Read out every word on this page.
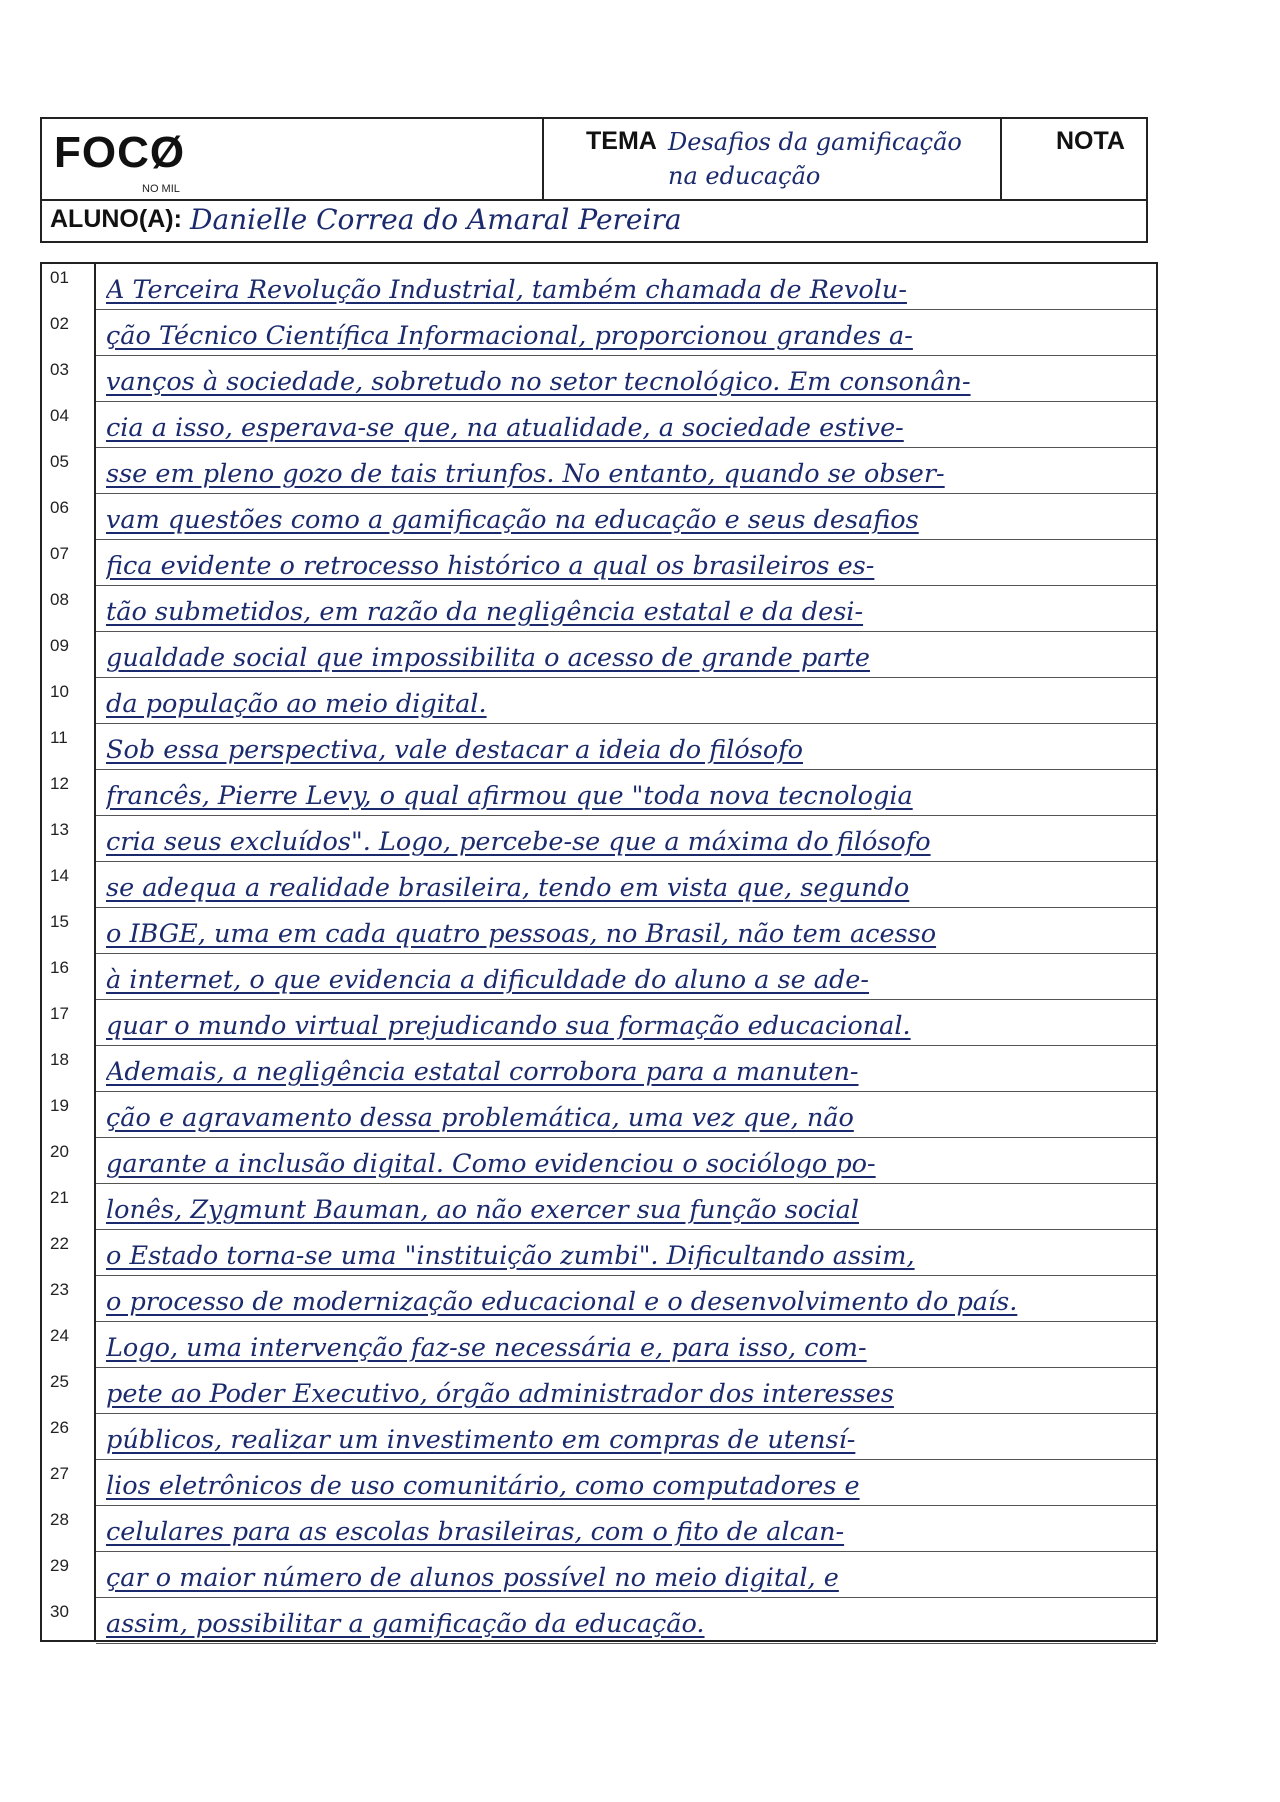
FOCØ
NO MIL
TEMA Desafios da gamificação na educação
NOTA
ALUNO(A): Danielle Correa do Amaral Pereira
01	A Terceira Revolução Industrial, também chamada de Revolu-
02	ção Técnico Científica Informacional, proporcionou grandes a-
03	vanços à sociedade, sobretudo no setor tecnológico. Em consonân-
04	cia a isso, esperava-se que, na atualidade, a sociedade estive-
05	sse em pleno gozo de tais triunfos. No entanto, quando se obser-
06	vam questões como a gamificação na educação e seus desafios
07	fica evidente o retrocesso histórico a qual os brasileiros es-
08	tão submetidos, em razão da negligência estatal e da desi-
09	gualdade social que impossibilita o acesso de grande parte
10	da população ao meio digital.
11	Sob essa perspectiva, vale destacar a ideia do filósofo
12	francês, Pierre Levy, o qual afirmou que "toda nova tecnologia
13	cria seus excluídos". Logo, percebe-se que a máxima do filósofo
14	se adequa a realidade brasileira, tendo em vista que, segundo
15	o IBGE, uma em cada quatro pessoas, no Brasil, não tem acesso
16	à internet, o que evidencia a dificuldade do aluno a se ade-
17	quar o mundo virtual prejudicando sua formação educacional.
18	Ademais, a negligência estatal corrobora para a manuten-
19	ção e agravamento dessa problemática, uma vez que, não
20	garante a inclusão digital. Como evidenciou o sociólogo po-
21	lonês, Zygmunt Bauman, ao não exercer sua função social
22	o Estado torna-se uma "instituição zumbi". Dificultando assim,
23	o processo de modernização educacional e o desenvolvimento do país.
24	Logo, uma intervenção faz-se necessária e, para isso, com-
25	pete ao Poder Executivo, órgão administrador dos interesses
26	públicos, realizar um investimento em compras de utensí-
27	lios eletrônicos de uso comunitário, como computadores e
28	celulares para as escolas brasileiras, com o fito de alcan-
29	çar o maior número de alunos possível no meio digital, e
30	assim, possibilitar a gamificação da educação.
